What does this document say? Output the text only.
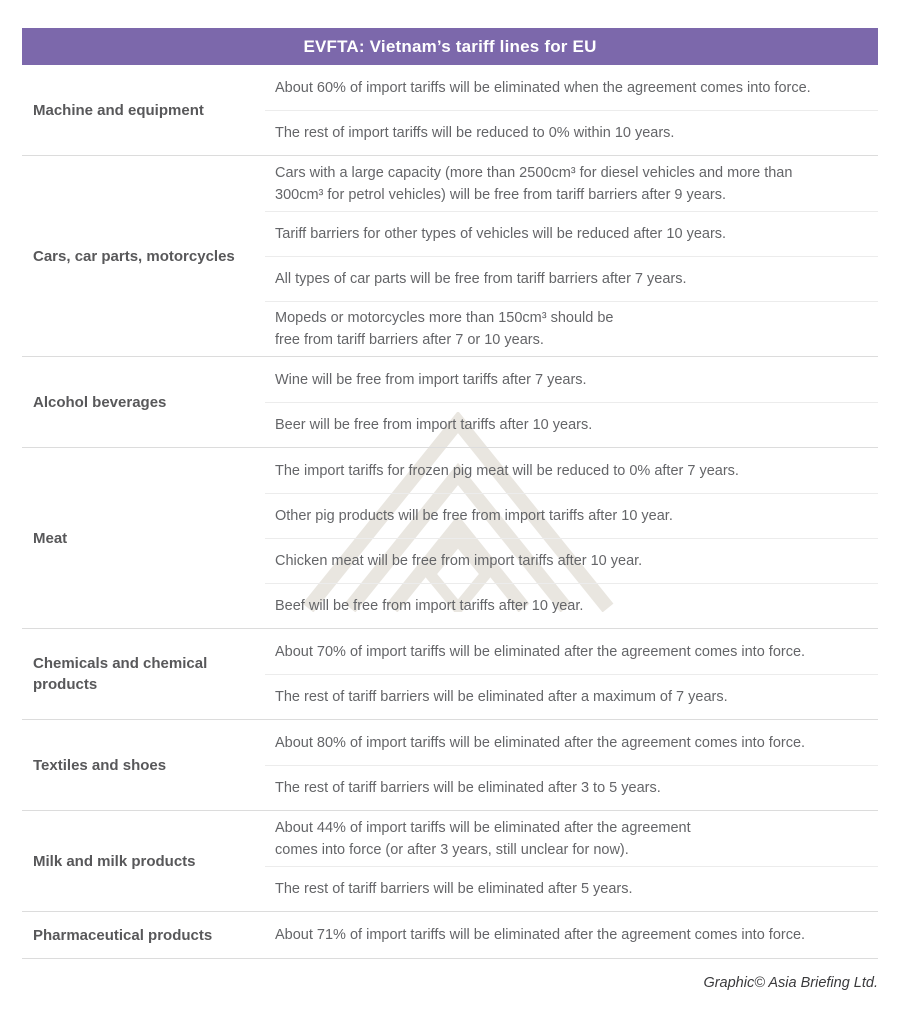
EVFTA: Vietnam’s tariff lines for EU
Machine and equipment

About 60% of import tariffs will be eliminated when the agreement comes into force.

The rest of import tariffs will be reduced to 0% within 10 years.

Cars, car parts, motorcycles

Cars with a large capacity (more than 2500cm³ for diesel vehicles and more than

300cm³ for petrol vehicles) will be free from tariff barriers after 9 years.

Tariff barriers for other types of vehicles will be reduced after 10 years.

All types of car parts will be free from tariff barriers after 7 years.

Mopeds or motorcycles more than 150cm³ should be

free from tariff barriers after 7 or 10 years.

Alcohol beverages

Wine will be free from import tariffs after 7 years.

Beer will be free from import tariffs after 10 years.

Meat

The import tariffs for frozen pig meat will be reduced to 0% after 7 years.

Other pig products will be free from import tariffs after 10 year.

Chicken meat will be free from import tariffs after 10 year.

Beef will be free from import tariffs after 10 year.

Chemicals and chemical products

About 70% of import tariffs will be eliminated after the agreement comes into force.

The rest of tariff barriers will be eliminated after a maximum of 7 years.

Textiles and shoes

About 80% of import tariffs will be eliminated after the agreement comes into force.

The rest of tariff barriers will be eliminated after 3 to 5 years.

Milk and milk products

About 44% of import tariffs will be eliminated after the agreement

comes into force (or after 3 years, still unclear for now).

The rest of tariff barriers will be eliminated after 5 years.

Pharmaceutical products	About 71% of import tariffs will be eliminated after the agreement comes into force.

Graphic© Asia Briefing Ltd.
